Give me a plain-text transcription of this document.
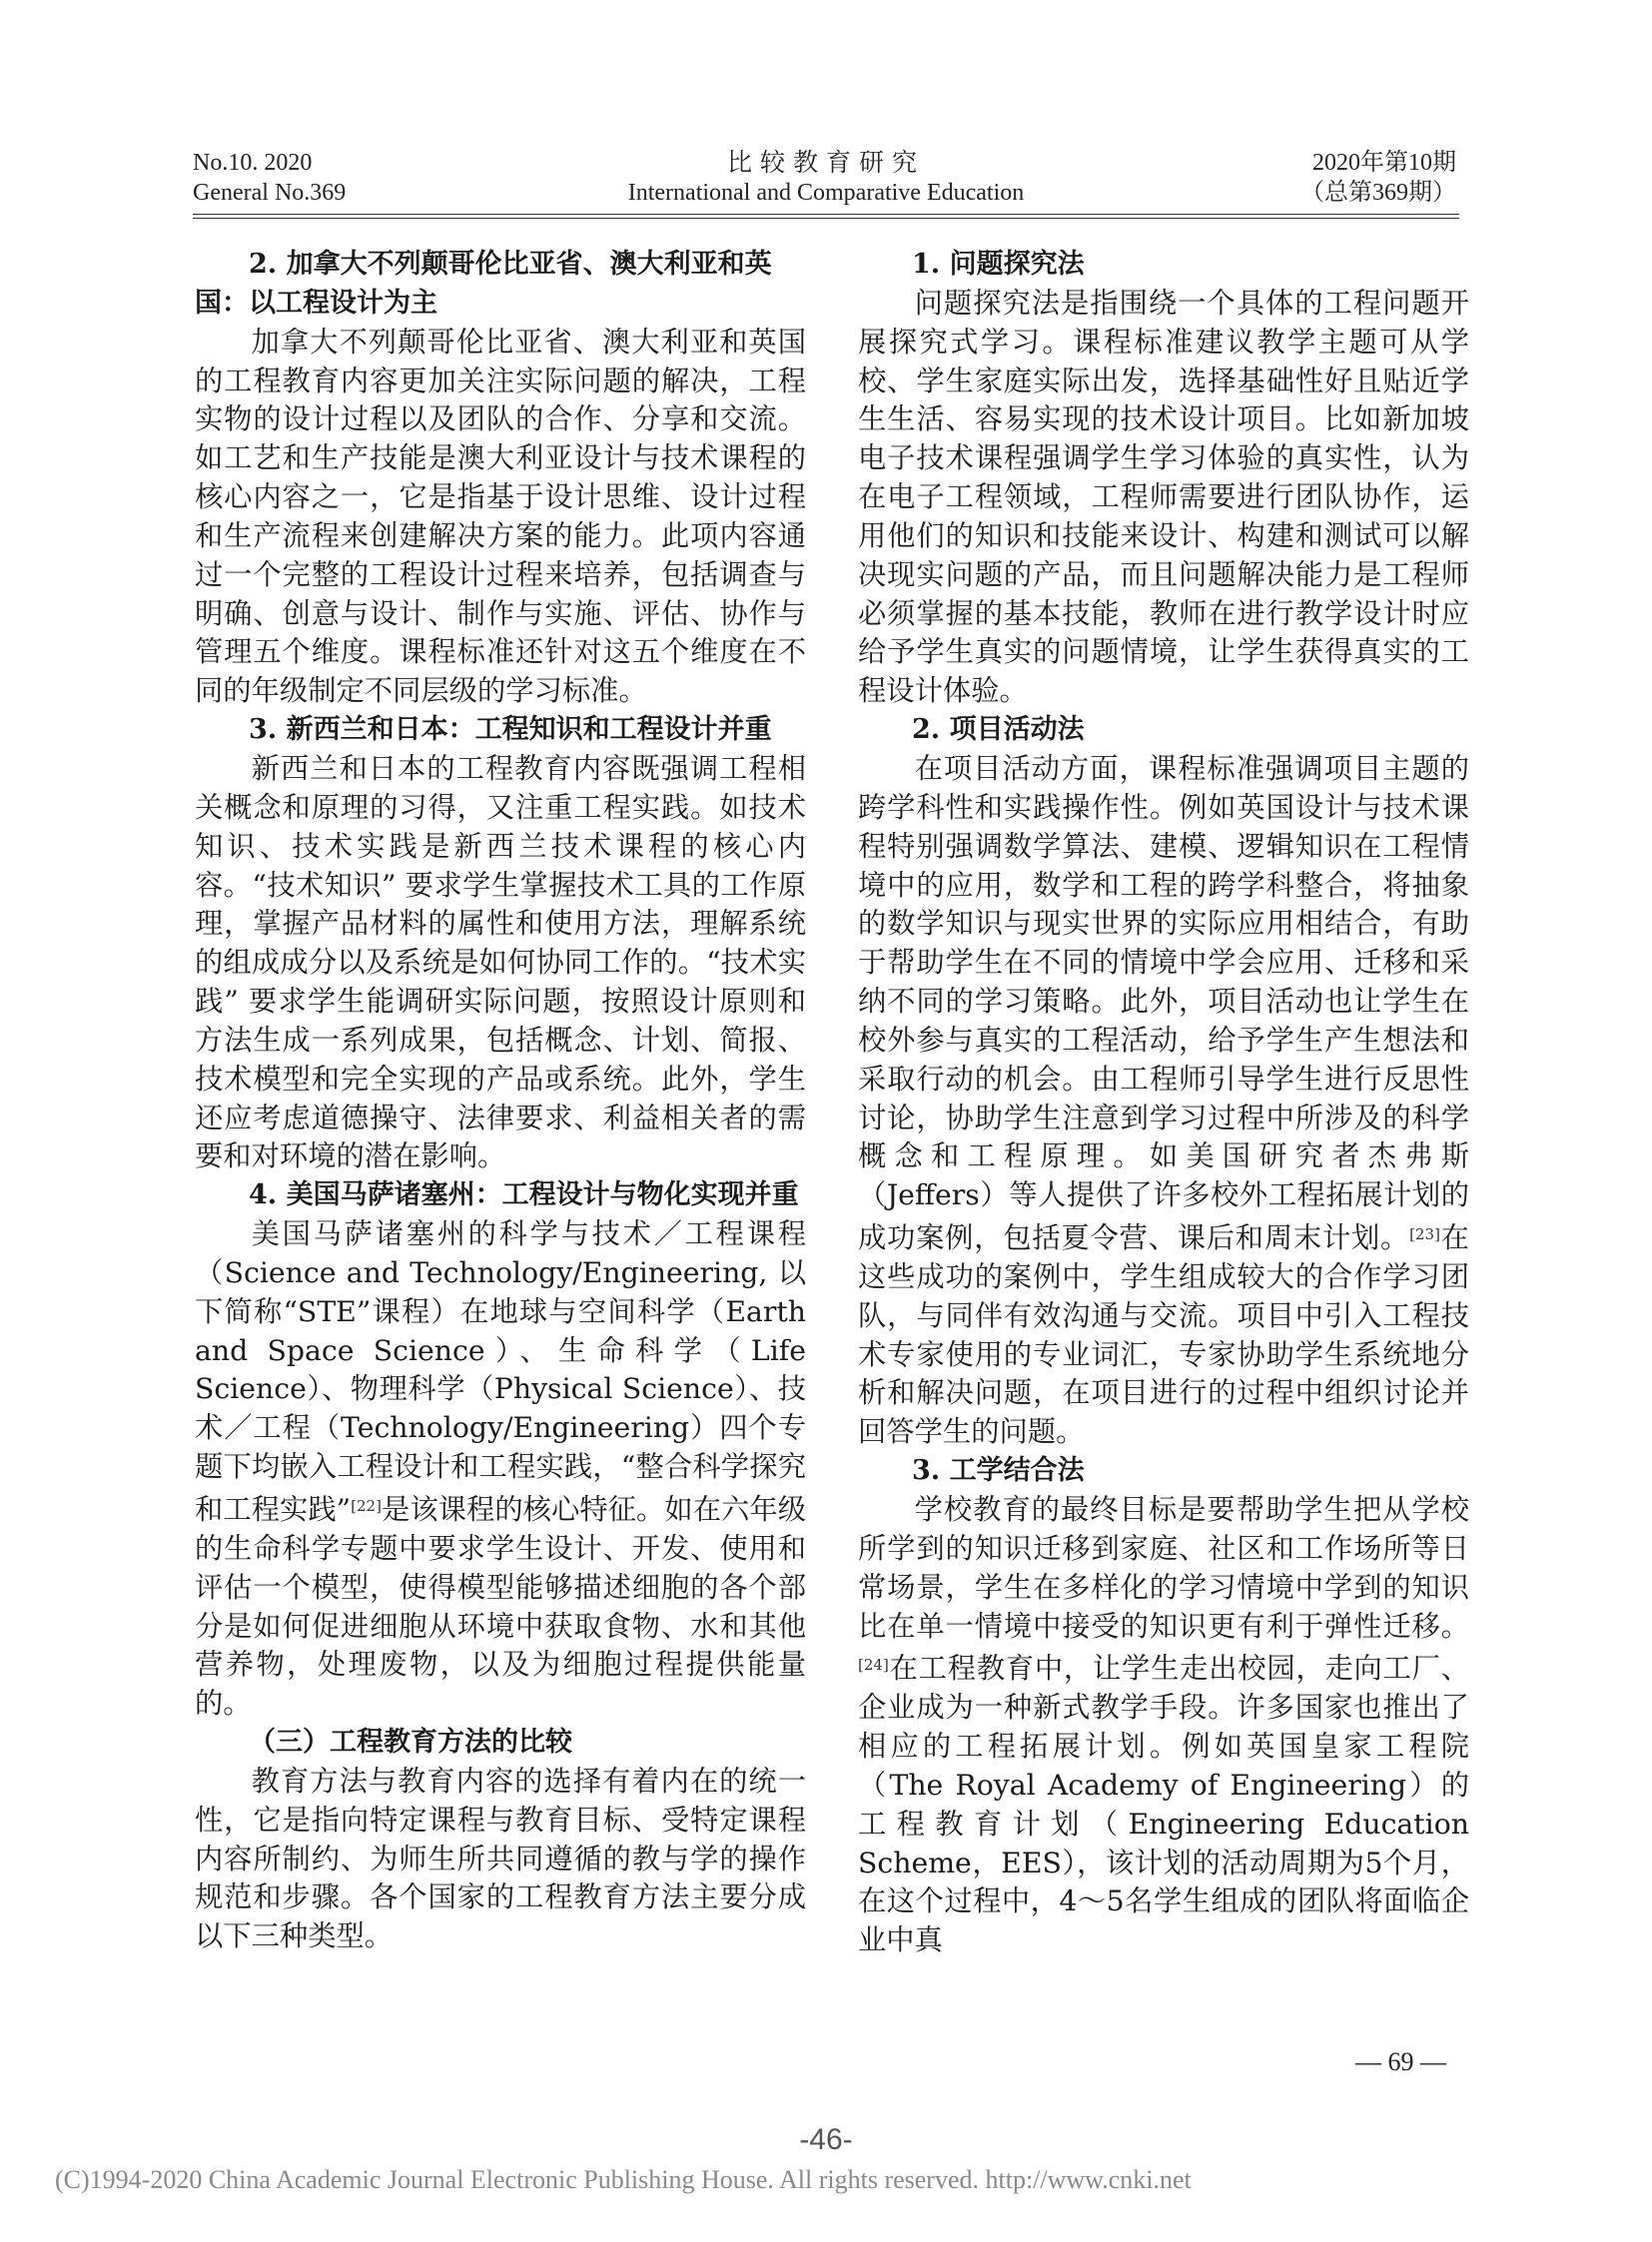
No.10. 2020
General No.369
比较教育研究
International and Comparative Education
2020年第10期
（总第369期）

2. 加拿大不列颠哥伦比亚省、澳大利亚和英国：以工程设计为主

加拿大不列颠哥伦比亚省、澳大利亚和英国的工程教育内容更加关注实际问题的解决，工程实物的设计过程以及团队的合作、分享和交流。如工艺和生产技能是澳大利亚设计与技术课程的核心内容之一，它是指基于设计思维、设计过程和生产流程来创建解决方案的能力。此项内容通过一个完整的工程设计过程来培养，包括调查与明确、创意与设计、制作与实施、评估、协作与管理五个维度。课程标准还针对这五个维度在不同的年级制定不同层级的学习标准。

3. 新西兰和日本：工程知识和工程设计并重

新西兰和日本的工程教育内容既强调工程相关概念和原理的习得，又注重工程实践。如技术知识、技术实践是新西兰技术课程的核心内容。“技术知识” 要求学生掌握技术工具的工作原理，掌握产品材料的属性和使用方法，理解系统的组成成分以及系统是如何协同工作的。“技术实践” 要求学生能调研实际问题，按照设计原则和方法生成一系列成果，包括概念、计划、简报、技术模型和完全实现的产品或系统。此外，学生还应考虑道德操守、法律要求、利益相关者的需要和对环境的潜在影响。

4. 美国马萨诸塞州：工程设计与物化实现并重

美国马萨诸塞州的科学与技术／工程课程（Science and Technology/Engineering, 以下简称“STE”课程）在地球与空间科学（Earth and Space Science）、生命科学（Life Science）、物理科学（Physical Science）、技术／工程（Technology/Engineering）四个专题下均嵌入工程设计和工程实践，“整合科学探究和工程实践”[22]是该课程的核心特征。如在六年级的生命科学专题中要求学生设计、开发、使用和评估一个模型，使得模型能够描述细胞的各个部分是如何促进细胞从环境中获取食物、水和其他营养物，处理废物，以及为细胞过程提供能量的。

（三）工程教育方法的比较

教育方法与教育内容的选择有着内在的统一性，它是指向特定课程与教育目标、受特定课程内容所制约、为师生所共同遵循的教与学的操作规范和步骤。各个国家的工程教育方法主要分成以下三种类型。

1. 问题探究法

问题探究法是指围绕一个具体的工程问题开展探究式学习。课程标准建议教学主题可从学校、学生家庭实际出发，选择基础性好且贴近学生生活、容易实现的技术设计项目。比如新加坡电子技术课程强调学生学习体验的真实性，认为在电子工程领域，工程师需要进行团队协作，运用他们的知识和技能来设计、构建和测试可以解决现实问题的产品，而且问题解决能力是工程师必须掌握的基本技能，教师在进行教学设计时应给予学生真实的问题情境，让学生获得真实的工程设计体验。

2. 项目活动法

在项目活动方面，课程标准强调项目主题的跨学科性和实践操作性。例如英国设计与技术课程特别强调数学算法、建模、逻辑知识在工程情境中的应用，数学和工程的跨学科整合，将抽象的数学知识与现实世界的实际应用相结合，有助于帮助学生在不同的情境中学会应用、迁移和采纳不同的学习策略。此外，项目活动也让学生在校外参与真实的工程活动，给予学生产生想法和采取行动的机会。由工程师引导学生进行反思性讨论，协助学生注意到学习过程中所涉及的科学概念和工程原理。如美国研究者杰弗斯（Jeffers）等人提供了许多校外工程拓展计划的成功案例，包括夏令营、课后和周末计划。[23]在这些成功的案例中，学生组成较大的合作学习团队，与同伴有效沟通与交流。项目中引入工程技术专家使用的专业词汇，专家协助学生系统地分析和解决问题，在项目进行的过程中组织讨论并回答学生的问题。

3. 工学结合法

学校教育的最终目标是要帮助学生把从学校所学到的知识迁移到家庭、社区和工作场所等日常场景，学生在多样化的学习情境中学到的知识比在单一情境中接受的知识更有利于弹性迁移。[24]在工程教育中，让学生走出校园，走向工厂、企业成为一种新式教学手段。许多国家也推出了相应的工程拓展计划。例如英国皇家工程院（The Royal Academy of Engineering）的工程教育计划（Engineering Education Scheme，EES），该计划的活动周期为5个月，在这个过程中，4～5名学生组成的团队将面临企业中真

— 69 —
-46-
(C)1994-2020 China Academic Journal Electronic Publishing House. All rights reserved. http://www.cnki.net
